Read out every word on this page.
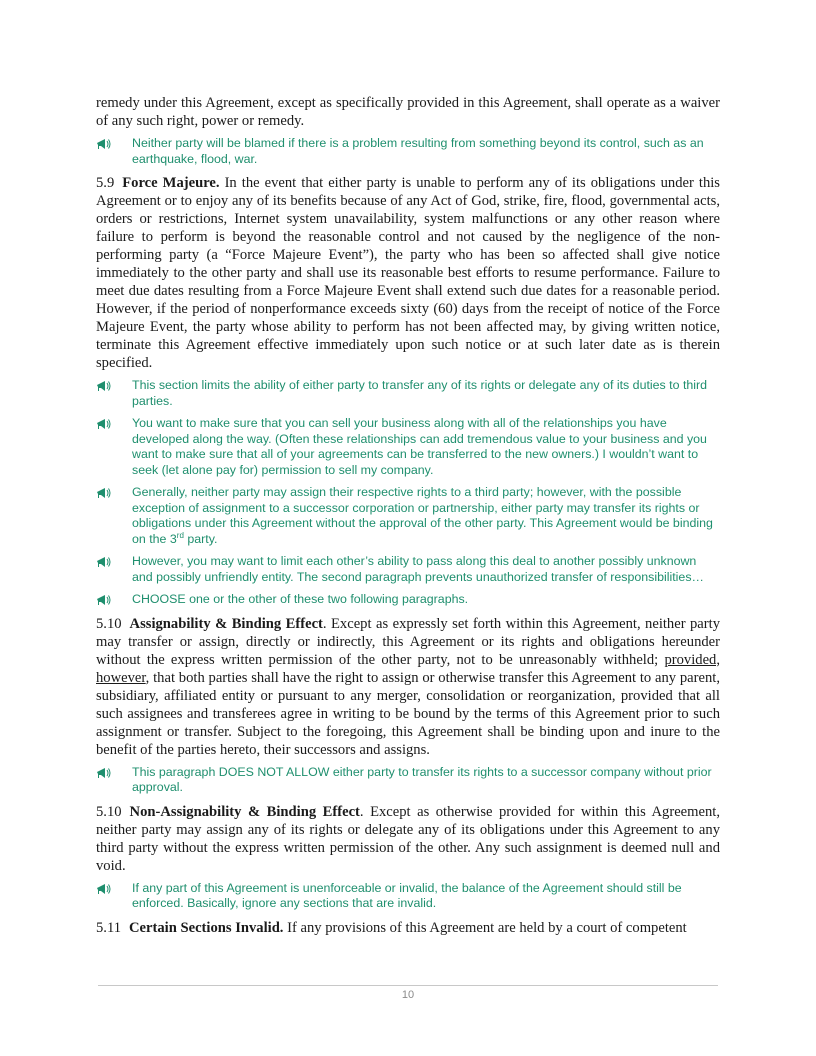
remedy under this Agreement, except as specifically provided in this Agreement, shall operate as a waiver of any such right, power or remedy.

Neither party will be blamed if there is a problem resulting from something beyond its control, such as an earthquake, flood, war.

5.9 Force Majeure. In the event that either party is unable to perform any of its obligations under this Agreement or to enjoy any of its benefits because of any Act of God, strike, fire, flood, governmental acts, orders or restrictions, Internet system unavailability, system malfunctions or any other reason where failure to perform is beyond the reasonable control and not caused by the negligence of the non-performing party (a “Force Majeure Event”), the party who has been so affected shall give notice immediately to the other party and shall use its reasonable best efforts to resume performance. Failure to meet due dates resulting from a Force Majeure Event shall extend such due dates for a reasonable period. However, if the period of nonperformance exceeds sixty (60) days from the receipt of notice of the Force Majeure Event, the party whose ability to perform has not been affected may, by giving written notice, terminate this Agreement effective immediately upon such notice or at such later date as is therein specified.

This section limits the ability of either party to transfer any of its rights or delegate any of its duties to third parties.
You want to make sure that you can sell your business along with all of the relationships you have developed along the way. (Often these relationships can add tremendous value to your business and you want to make sure that all of your agreements can be transferred to the new owners.) I wouldn’t want to seek (let alone pay for) permission to sell my company.
Generally, neither party may assign their respective rights to a third party; however, with the possible exception of assignment to a successor corporation or partnership, either party may transfer its rights or obligations under this Agreement without the approval of the other party. This Agreement would be binding on the 3rd party.
However, you may want to limit each other’s ability to pass along this deal to another possibly unknown and possibly unfriendly entity. The second paragraph prevents unauthorized transfer of responsibilities…
CHOOSE one or the other of these two following paragraphs.

5.10 Assignability & Binding Effect. Except as expressly set forth within this Agreement, neither party may transfer or assign, directly or indirectly, this Agreement or its rights and obligations hereunder without the express written permission of the other party, not to be unreasonably withheld; provided, however, that both parties shall have the right to assign or otherwise transfer this Agreement to any parent, subsidiary, affiliated entity or pursuant to any merger, consolidation or reorganization, provided that all such assignees and transferees agree in writing to be bound by the terms of this Agreement prior to such assignment or transfer. Subject to the foregoing, this Agreement shall be binding upon and inure to the benefit of the parties hereto, their successors and assigns.

This paragraph DOES NOT ALLOW either party to transfer its rights to a successor company without prior approval.

5.10 Non-Assignability & Binding Effect. Except as otherwise provided for within this Agreement, neither party may assign any of its rights or delegate any of its obligations under this Agreement to any third party without the express written permission of the other. Any such assignment is deemed null and void.

If any part of this Agreement is unenforceable or invalid, the balance of the Agreement should still be enforced. Basically, ignore any sections that are invalid.

5.11 Certain Sections Invalid. If any provisions of this Agreement are held by a court of competent

10
